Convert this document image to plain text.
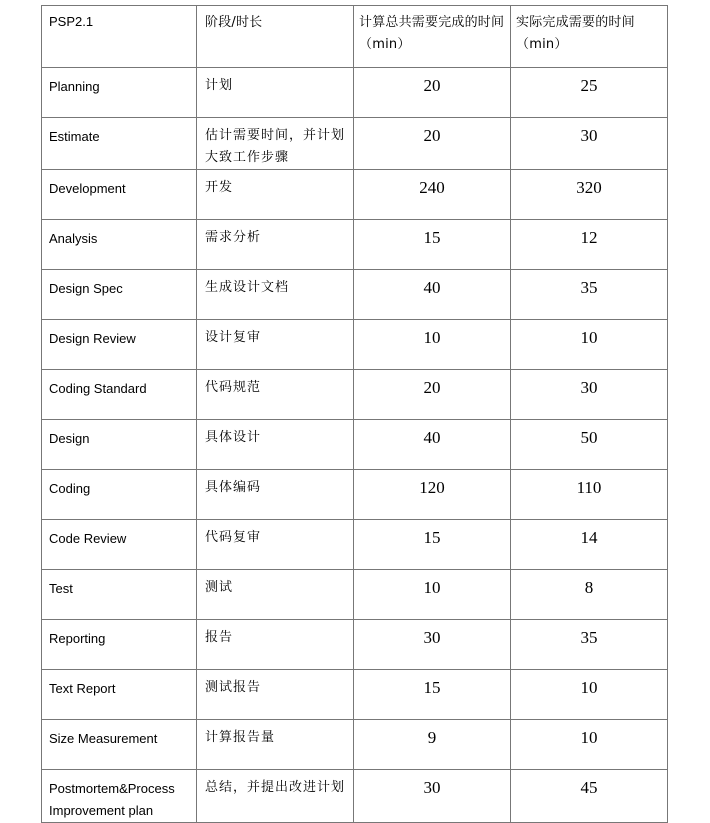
PSP2.1	阶段/时长	计算总共需要完成的时间（min）	实际完成需要的时间（min）
Planning	计划	20	25
Estimate	估计需要时间，并计划大致工作步骤	20	30
Development	开发	240	320
Analysis	需求分析	15	12
Design Spec	生成设计文档	40	35
Design Review	设计复审	10	10
Coding Standard	代码规范	20	30
Design	具体设计	40	50
Coding	具体编码	120	110
Code Review	代码复审	15	14
Test	测试	10	8
Reporting	报告	30	35
Text Report	测试报告	15	10
Size Measurement	计算报告量	9	10
Postmortem&Process Improvement plan	总结，并提出改进计划	30	45
